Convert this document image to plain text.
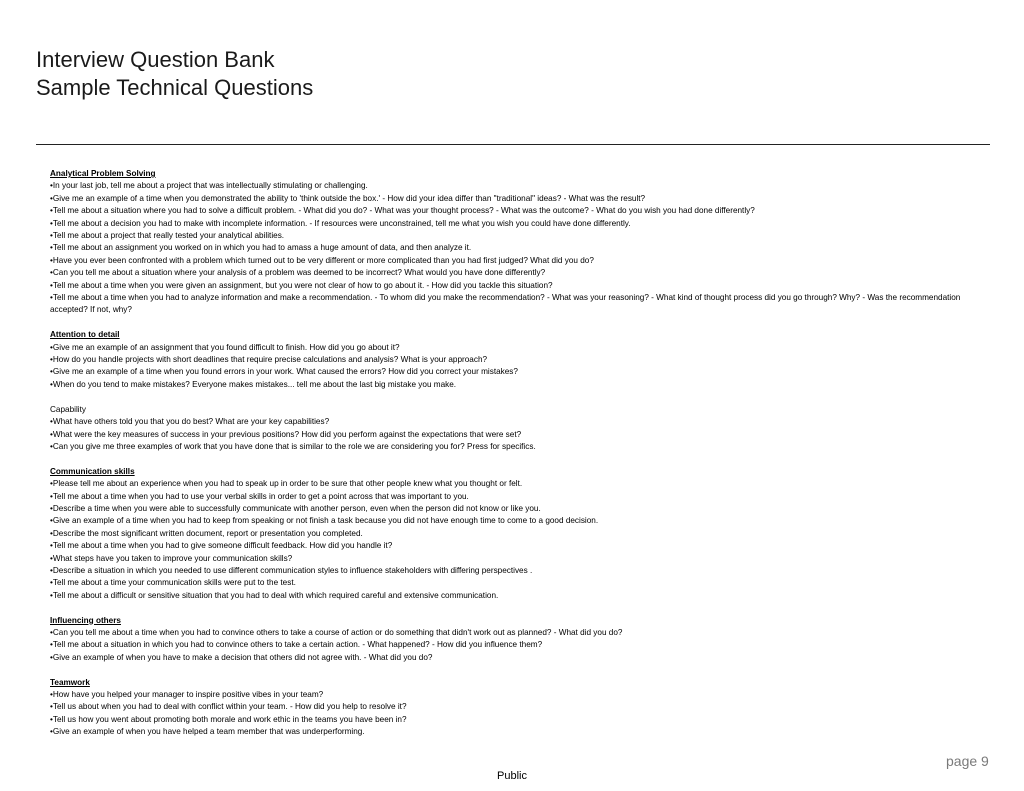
Interview Question Bank
Sample Technical Questions
Analytical Problem Solving
• In your last job, tell me about a project that was intellectually stimulating or challenging.
• Give me an example of a time when you demonstrated the ability to 'think outside the box.' - How did your idea differ than "traditional" ideas? - What was the result?
• Tell me about a situation where you had to solve a difficult problem. - What did you do? - What was your thought process? - What was the outcome? - What do you wish you had done differently?
• Tell me about a decision you had to make with incomplete information. - If resources were unconstrained, tell me what you wish you could have done differently.
• Tell me about a project that really tested your analytical abilities.
• Tell me about an assignment you worked on in which you had to amass a huge amount of data, and then analyze it.
• Have you ever been confronted with a problem which turned out to be very different or more complicated than you had first judged? What did you do?
• Can you tell me about a situation where your analysis of a problem was deemed to be incorrect? What would you have done differently?
• Tell me about a time when you were given an assignment, but you were not clear of how to go about it. - How did you tackle this situation?
• Tell me about a time when you had to analyze information and make a recommendation. - To whom did you make the recommendation? - What was your reasoning? - What kind of thought process did you go through? Why? - Was the recommendation accepted? If not, why?
Attention to detail
• Give me an example of an assignment that you found difficult to finish. How did you go about it?
• How do you handle projects with short deadlines that require precise calculations and analysis? What is your approach?
• Give me an example of a time when you found errors in your work. What caused the errors? How did you correct your mistakes?
• When do you tend to make mistakes? Everyone makes mistakes... tell me about the last big mistake you make.
Capability
• What have others told you that you do best? What are your key capabilities?
• What were the key measures of success in your previous positions? How did you perform against the expectations that were set?
• Can you give me three examples of work that you have done that is similar to the role we are considering you for? Press for specifics.
Communication skills
• Please tell me about an experience when you had to speak up in order to be sure that other people knew what you thought or felt.
• Tell me about a time when you had to use your verbal skills in order to get a point across that was important to you.
• Describe a time when you were able to successfully communicate with another person, even when the person did not know or like you.
• Give an example of a time when you had to keep from speaking or not finish a task because you did not have enough time to come to a good decision.
• Describe the most significant written document, report or presentation you completed.
• Tell me about a time when you had to give someone difficult feedback. How did you handle it?
• What steps have you taken to improve your communication skills?
• Describe a situation in which you needed to use different communication styles to influence stakeholders with differing perspectives .
• Tell me about a time your communication skills were put to the test.
• Tell me about a difficult or sensitive situation that you had to deal with which required careful and extensive communication.
Influencing others
• Can you tell me about a time when you had to convince others to take a course of action or do something that didn't work out as planned? - What did you do?
• Tell me about a situation in which you had to convince others to take a certain action. - What happened? - How did you influence them?
• Give an example of when you have to make a decision that others did not agree with. - What did you do?
Teamwork
• How have you helped your manager to inspire positive vibes in your team?
• Tell us about when you had to deal with conflict within your team. - How did you help to resolve it?
• Tell us how you went about promoting both morale and work ethic in the teams you have been in?
• Give an example of when you have helped a team member that was underperforming.
page 9
Public
